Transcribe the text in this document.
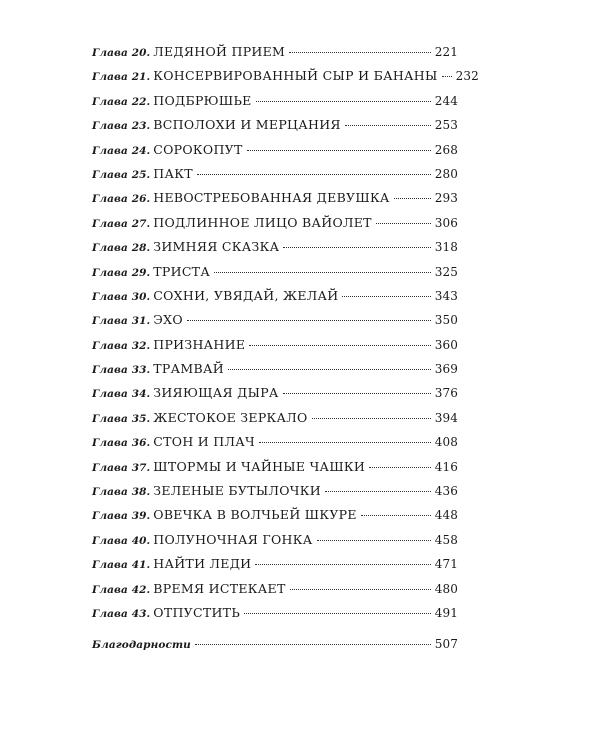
Глава 20. ЛЕДЯНОЙ ПРИЕМ	221
Глава 21. КОНСЕРВИРОВАННЫЙ СЫР И БАНАНЫ 232
Глава 22. ПОДБРЮШЬЕ	244
Глава 23. ВСПОЛОХИ И МЕРЦАНИЯ	253
Глава 24. СОРОКОПУТ	268
Глава 25. ПАКТ	280
Глава 26. НЕВОСТРЕБОВАННАЯ ДЕВУШКА	293
Глава 27. ПОДЛИННОЕ ЛИЦО ВАЙОЛЕТ	306
Глава 28. ЗИМНЯЯ СКАЗКА	318
Глава 29. ТРИСТА	325
Глава 30. СОХНИ, УВЯДАЙ, ЖЕЛАЙ	343
Глава 31. ЭХО	350
Глава 32. ПРИЗНАНИЕ	360
Глава 33. ТРАМВАЙ	369
Глава 34. ЗИЯЮЩАЯ ДЫРА	376
Глава 35. ЖЕСТОКОЕ ЗЕРКАЛО	394
Глава 36. СТОН И ПЛАЧ	408
Глава 37. ШТОРМЫ И ЧАЙНЫЕ ЧАШКИ	416
Глава 38. ЗЕЛЕНЫЕ БУТЫЛОЧКИ	436
Глава 39. ОВЕЧКА В ВОЛЧЬЕЙ ШКУРЕ	448
Глава 40. ПОЛУНОЧНАЯ ГОНКА	458
Глава 41. НАЙТИ ЛЕДИ	471
Глава 42. ВРЕМЯ ИСТЕКАЕТ	480
Глава 43. ОТПУСТИТЬ	491
Благодарности	507
